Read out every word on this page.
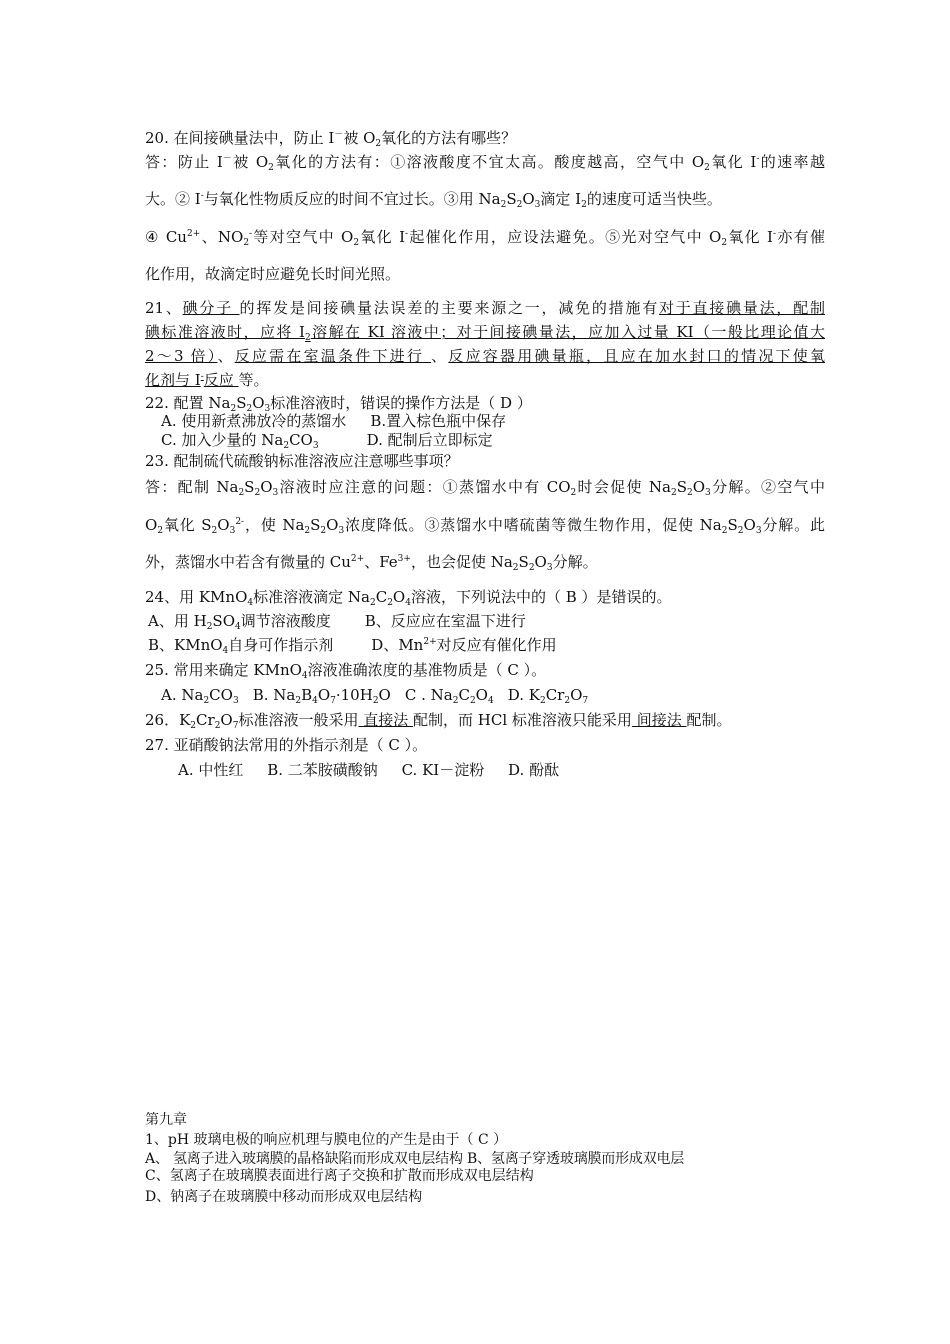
20. 在间接碘量法中，防止 I－被 $O_2$氧化的方法有哪些？
答：防止 I－被 $O_2$氧化的方法有：①溶液酸度不宜太高。酸度越高，空气中 $O_2$氧化 I-的速率越
大。② I-与氧化性物质反应的时间不宜过长。③用 $Na_2S_2O_3$滴定 $I_2$的速度可适当快些。
④ $Cu^{2+}$、$NO_2^-$等对空气中 $O_2$氧化 I-起催化作用，应设法避免。⑤光对空气中 $O_2$氧化 I-亦有催
化作用，故滴定时应避免长时间光照。
21、碘分子 的挥发是间接碘量法误差的主要来源之一，减免的措施有对于直接碘量法，配制
碘标准溶液时，应将 $I_2$溶解在 KI 溶液中；对于间接碘量法，应加入过量 KI（一般比理论值大
2～3 倍）、反应需在室温条件下进行 、反应容器用碘量瓶，且应在加水封口的情况下使氧
化剂与 I-反应 等。
22. 配置 $Na_2S_2O_3$标准溶液时，错误的操作方法是（ D ）
A. 使用新煮沸放冷的蒸馏水 B.置入棕色瓶中保存
C. 加入少量的 $Na_2CO_3$	D. 配制后立即标定
23. 配制硫代硫酸钠标准溶液应注意哪些事项？
答：配制 $Na_2S_2O_3$溶液时应注意的问题：①蒸馏水中有 $CO_2$时会促使 $Na_2S_2O_3$分解。②空气中
$O_2$氧化 $S_2O_3^{2-}$，使 $Na_2S_2O_3$浓度降低。③蒸馏水中嗜硫菌等微生物作用，促使 $Na_2S_2O_3$分解。此
外，蒸馏水中若含有微量的 $Cu^{2+}$、$Fe^{3+}$，也会促使 $Na_2S_2O_3$分解。
24、用 KMnO$_4$标准溶液滴定 $Na_2C_2O_4$溶液，下列说法中的（ B ）是错误的。
A、用 $H_2SO_4$调节溶液酸度 B、反应应在室温下进行
B、KMnO$_4$自身可作指示剂	D、$Mn^{2+}$对反应有催化作用
25. 常用来确定 KMnO$_4$溶液准确浓度的基准物质是（ C ）。
A. $Na_2CO_3$ B. $Na_2B_4O_7\cdot 10H_2O$ C . $Na_2C_2O_4$ D. $K_2Cr_2O_7$
26．$K_2Cr_2O_7$标准溶液一般采用 直接法 配制，而 HCl 标准溶液只能采用 间接法 配制。
27. 亚硝酸钠法常用的外指示剂是（ C ）。
A. 中性红     B. 二苯胺磺酸钠     C. KI－淀粉     D. 酚酞
第九章
1、pH 玻璃电极的响应机理与膜电位的产生是由于（ C ）
A、 氢离子进入玻璃膜的晶格缺陷而形成双电层结构 B、氢离子穿透玻璃膜而形成双电层
C、氢离子在玻璃膜表面进行离子交换和扩散而形成双电层结构
D、钠离子在玻璃膜中移动而形成双电层结构
